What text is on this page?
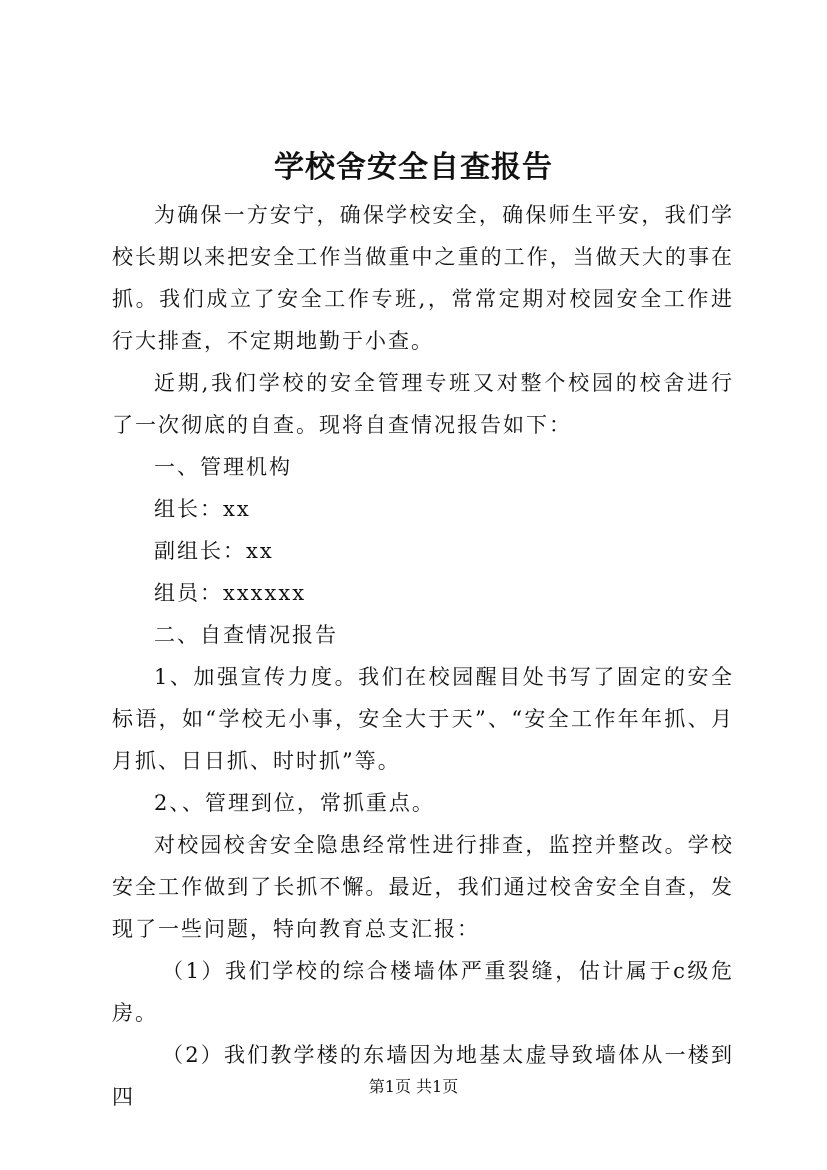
学校舍安全自查报告

为确保一方安宁，确保学校安全，确保师生平安，我们学校长期以来把安全工作当做重中之重的工作，当做天大的事在抓。我们成立了安全工作专班,，常常定期对校园安全工作进行大排查，不定期地勤于小查。

近期,我们学校的安全管理专班又对整个校园的校舍进行了一次彻底的自查。现将自查情况报告如下：

一、管理机构

组长：xx

副组长：xx

组员：xxxxxx

二、自查情况报告

1、加强宣传力度。我们在校园醒目处书写了固定的安全标语，如“学校无小事，安全大于天”、“安全工作年年抓、月月抓、日日抓、时时抓”等。

2、、管理到位，常抓重点。

对校园校舍安全隐患经常性进行排查，监控并整改。学校安全工作做到了长抓不懈。最近，我们通过校舍安全自查，发现了一些问题，特向教育总支汇报：

（1）我们学校的综合楼墙体严重裂缝，估计属于c级危房。

（2）我们教学楼的东墙因为地基太虚导致墙体从一楼到四	第1页 共1页
